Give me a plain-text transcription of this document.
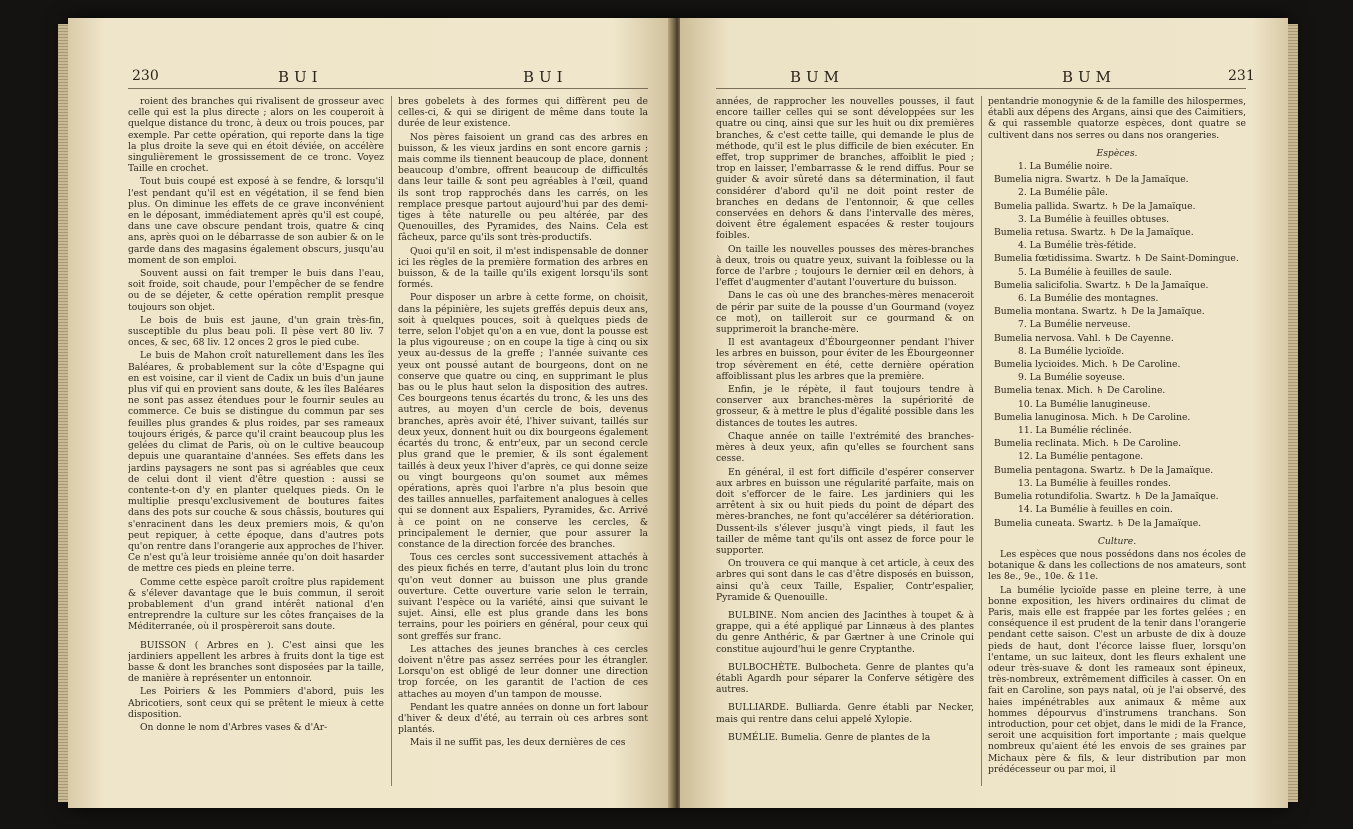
230	BUI	BUI

roient des branches qui rivalisent de grosseur avec celle qui est la plus directe ; alors on les couperoit à quelque distance du tronc, à deux ou trois pouces, par exemple. Par cette opération, qui reporte dans la tige la plus droite la seve qui en étoit déviée, on accélère singulièrement le grossissement de ce tronc. Voyez Taille en crochet.

Tout buis coupé est exposé à se fendre, & lorsqu'il l'est pendant qu'il est en végétation, il se fend bien plus. On diminue les effets de ce grave inconvénient en le déposant, immédiatement après qu'il est coupé, dans une cave obscure pendant trois, quatre & cinq ans, après quoi on le débarrasse de son aubier & on le garde dans des magasins également obscurs, jusqu'au moment de son emploi.

Souvent aussi on fait tremper le buis dans l'eau, soit froide, soit chaude, pour l'empêcher de se fendre ou de se déjeter, & cette opération remplit presque toujours son objet.

Le bois de buis est jaune, d'un grain très-fin, susceptible du plus beau poli. Il pèse vert 80 liv. 7 onces, & sec, 68 liv. 12 onces 2 gros le pied cube.

Le buis de Mahon croît naturellement dans les îles Baléares, & probablement sur la côte d'Espagne qui en est voisine, car il vient de Cadix un buis d'un jaune plus vif qui en provient sans doute, & les îles Baléares ne sont pas assez étendues pour le fournir seules au commerce. Ce buis se distingue du commun par ses feuilles plus grandes & plus roides, par ses rameaux toujours érigés, & parce qu'il craint beaucoup plus les gelées du climat de Paris, où on le cultive beaucoup depuis une quarantaine d'années. Ses effets dans les jardins paysagers ne sont pas si agréables que ceux de celui dont il vient d'être question : aussi se contente-t-on d'y en planter quelques pieds. On le multiplie presqu'exclusivement de boutures faites dans des pots sur couche & sous châssis, boutures qui s'enracinent dans les deux premiers mois, & qu'on peut repiquer, à cette époque, dans d'autres pots qu'on rentre dans l'orangerie aux approches de l'hiver. Ce n'est qu'à leur troisième année qu'on doit hasarder de mettre ces pieds en pleine terre.

Comme cette espèce paroît croître plus rapidement & s'élever davantage que le buis commun, il seroit probablement d'un grand intérêt national d'en entreprendre la culture sur les côtes françaises de la Méditerranée, où il prospèreroit sans doute.

BUISSON ( Arbres en ). C'est ainsi que les jardiniers appellent les arbres à fruits dont la tige est basse & dont les branches sont disposées par la taille, de manière à représenter un entonnoir.

Les Poiriers & les Pommiers d'abord, puis les Abricotiers, sont ceux qui se prêtent le mieux à cette disposition.

On donne le nom d'Arbres vases & d'Ar-

bres gobelets à des formes qui diffèrent peu de celles-ci, & qui se dirigent de même dans toute la durée de leur existence.

Nos pères faisoient un grand cas des arbres en buisson, & les vieux jardins en sont encore garnis ; mais comme ils tiennent beaucoup de place, donnent beaucoup d'ombre, offrent beaucoup de difficultés dans leur taille & sont peu agréables à l'œil, quand ils sont trop rapprochés dans les carrés, on les remplace presque partout aujourd'hui par des demi-tiges à tête naturelle ou peu altérée, par des Quenouilles, des Pyramides, des Nains. Cela est fâcheux, parce qu'ils sont très-productifs.

Quoi qu'il en soit, il m'est indispensable de donner ici les règles de la première formation des arbres en buisson, & de la taille qu'ils exigent lorsqu'ils sont formés.

Pour disposer un arbre à cette forme, on choisit, dans la pépinière, les sujets greffés depuis deux ans, soit à quelques pouces, soit à quelques pieds de terre, selon l'objet qu'on a en vue, dont la pousse est la plus vigoureuse ; on en coupe la tige à cinq ou six yeux au-dessus de la greffe ; l'année suivante ces yeux ont poussé autant de bourgeons, dont on ne conserve que quatre ou cinq, en supprimant le plus bas ou le plus haut selon la disposition des autres. Ces bourgeons tenus écartés du tronc, & les uns des autres, au moyen d'un cercle de bois, devenus branches, après avoir été, l'hiver suivant, taillés sur deux yeux, donnent huit ou dix bourgeons également écartés du tronc, & entr'eux, par un second cercle plus grand que le premier, & ils sont également taillés à deux yeux l'hiver d'après, ce qui donne seize ou vingt bourgeons qu'on soumet aux mêmes opérations, après quoi l'arbre n'a plus besoin que des tailles annuelles, parfaitement analogues à celles qui se donnent aux Espaliers, Pyramides, &c. Arrivé à ce point on ne conserve les cercles, & principalement le dernier, que pour assurer la constance de la direction forcée des branches.

Tous ces cercles sont successivement attachés à des pieux fichés en terre, d'autant plus loin du tronc qu'on veut donner au buisson une plus grande ouverture. Cette ouverture varie selon le terrain, suivant l'espèce ou la variété, ainsi que suivant le sujet. Ainsi, elle est plus grande dans les bons terrains, pour les poiriers en général, pour ceux qui sont greffés sur franc.

Les attaches des jeunes branches à ces cercles doivent n'être pas assez serrées pour les étrangler. Lorsqu'on est obligé de leur donner une direction trop forcée, on les garantit de l'action de ces attaches au moyen d'un tampon de mousse.

Pendant les quatre années on donne un fort labour d'hiver & deux d'été, au terrain où ces arbres sont plantés.

Mais il ne suffit pas, les deux dernières de ces

BUM	BUM	231

années, de rapprocher les nouvelles pousses, il faut encore tailler celles qui se sont développées sur les quatre ou cinq, ainsi que sur les huit ou dix premières branches, & c'est cette taille, qui demande le plus de méthode, qu'il est le plus difficile de bien exécuter. En effet, trop supprimer de branches, affoiblit le pied ; trop en laisser, l'embarrasse & le rend diffus. Pour se guider & avoir sûreté dans sa détermination, il faut considérer d'abord qu'il ne doit point rester de branches en dedans de l'entonnoir, & que celles conservées en dehors & dans l'intervalle des mères, doivent être également espacées & rester toujours foibles.

On taille les nouvelles pousses des mères-branches à deux, trois ou quatre yeux, suivant la foiblesse ou la force de l'arbre ; toujours le dernier œil en dehors, à l'effet d'augmenter d'autant l'ouverture du buisson.

Dans le cas où une des branches-mères menaceroit de périr par suite de la pousse d'un Gourmand (voyez ce mot), on tailleroit sur ce gourmand & on supprimeroit la branche-mère.

Il est avantageux d'Ébourgeonner pendant l'hiver les arbres en buisson, pour éviter de les Ébourgeonner trop sévèrement en été, cette dernière opération affoiblissant plus les arbres que la première.

Enfin, je le répète, il faut toujours tendre à conserver aux branches-mères la supériorité de grosseur, & à mettre le plus d'égalité possible dans les distances de toutes les autres.

Chaque année on taille l'extrémité des branches-mères à deux yeux, afin qu'elles se fourchent sans cesse.

En général, il est fort difficile d'espérer conserver aux arbres en buisson une régularité parfaite, mais on doit s'efforcer de le faire. Les jardiniers qui les arrêtent à six ou huit pieds du point de départ des mères-branches, ne font qu'accélérer sa détérioration. Dussent-ils s'élever jusqu'à vingt pieds, il faut les tailler de même tant qu'ils ont assez de force pour le supporter.

On trouvera ce qui manque à cet article, à ceux des arbres qui sont dans le cas d'être disposés en buisson, ainsi qu'à ceux Taille, Espalier, Contr'espalier, Pyramide & Quenouille.

BULBINE. Nom ancien des Jacinthes à toupet & à grappe, qui a été appliqué par Linnæus à des plantes du genre Anthéric, & par Gærtner à une Crinole qui constitue aujourd'hui le genre Cryptanthe.

BULBOCHÈTE. Bulbocheta. Genre de plantes qu'a établi Agardh pour séparer la Conferve sétigère des autres.

BULLIARDE. Bulliarda. Genre établi par Necker, mais qui rentre dans celui appelé Xylopie.

BUMÉLIE. Bumelia. Genre de plantes de la

pentandrie monogynie & de la famille des hilospermes, établi aux dépens des Argans, ainsi que des Caimitiers, & qui rassemble quatorze espèces, dont quatre se cultivent dans nos serres ou dans nos orangeries.

Espèces.

1. La Bumélie noire.

Bumelia nigra. Swartz. ♄ De la Jamaïque.

2. La Bumélie pâle.

Bumelia pallida. Swartz. ♄ De la Jamaïque.

3. La Bumélie à feuilles obtuses.

Bumelia retusa. Swartz. ♄ De la Jamaïque.

4. La Bumélie très-fétide.

Bumelia fœtidissima. Swartz. ♄ De Saint-Domingue.

5. La Bumélie à feuilles de saule.

Bumelia salicifolia. Swartz. ♄ De la Jamaïque.

6. La Bumélie des montagnes.

Bumelia montana. Swartz. ♄ De la Jamaïque.

7. La Bumélie nerveuse.

Bumelia nervosa. Vahl. ♄ De Cayenne.

8. La Bumélie lycioïde.

Bumelia lycioides. Mich. ♄ De Caroline.

9. La Bumélie soyeuse.

Bumelia tenax. Mich. ♄ De Caroline.

10. La Bumélie lanugineuse.

Bumelia lanuginosa. Mich. ♄ De Caroline.

11. La Bumélie réclinée.

Bumelia reclinata. Mich. ♄ De Caroline.

12. La Bumélie pentagone.

Bumelia pentagona. Swartz. ♄ De la Jamaïque.

13. La Bumélie à feuilles rondes.

Bumelia rotundifolia. Swartz. ♄ De la Jamaïque.

14. La Bumélie à feuilles en coin.

Bumelia cuneata. Swartz. ♄ De la Jamaïque.

Culture.

Les espèces que nous possédons dans nos écoles de botanique & dans les collections de nos amateurs, sont les 8e., 9e., 10e. & 11e.

La bumélie lycioïde passe en pleine terre, à une bonne exposition, les hivers ordinaires du climat de Paris, mais elle est frappée par les fortes gelées ; en conséquence il est prudent de la tenir dans l'orangerie pendant cette saison. C'est un arbuste de dix à douze pieds de haut, dont l'écorce laisse fluer, lorsqu'on l'entame, un suc laiteux, dont les fleurs exhalent une odeur très-suave & dont les rameaux sont épineux, très-nombreux, extrêmement difficiles à casser. On en fait en Caroline, son pays natal, où je l'ai observé, des haies impénétrables aux animaux & même aux hommes dépourvus d'instrumens tranchans. Son introduction, pour cet objet, dans le midi de la France, seroit une acquisition fort importante ; mais quelque nombreux qu'aient été les envois de ses graines par Michaux père & fils, & leur distribution par mon prédécesseur ou par moi, il
